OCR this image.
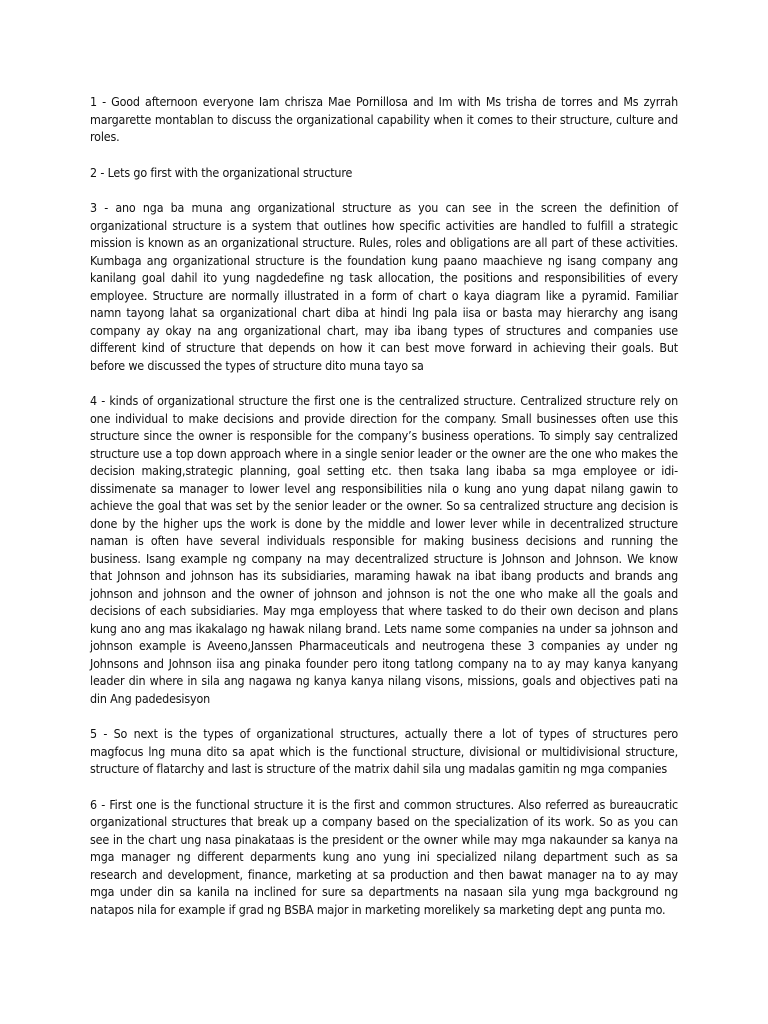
1 - Good afternoon everyone Iam chrisza Mae Pornillosa and Im with Ms trisha de torres and Ms zyrrah margarette montablan to discuss the organizational capability when it comes to their structure, culture and roles.

2 - Lets go first with the organizational structure

3 - ano nga ba muna ang organizational structure as you can see in the screen the definition of organizational structure is a system that outlines how specific activities are handled to fulfill a strategic mission is known as an organizational structure. Rules, roles and obligations are all part of these activities. Kumbaga ang organizational structure is the foundation kung paano maachieve ng isang company ang kanilang goal dahil ito yung nagdedefine ng task allocation, the positions and responsibilities of every employee. Structure are normally illustrated in a form of chart o kaya diagram like a pyramid. Familiar namn tayong lahat sa organizational chart diba at hindi lng pala iisa or basta may hierarchy ang isang company ay okay na ang organizational chart, may iba ibang types of structures and companies use different kind of structure that depends on how it can best move forward in achieving their goals. But before we discussed the types of structure dito muna tayo sa

4 - kinds of organizational structure the first one is the centralized structure. Centralized structure rely on one individual to make decisions and provide direction for the company. Small businesses often use this structure since the owner is responsible for the company’s business operations. To simply say centralized structure use a top down approach where in a single senior leader or the owner are the one who makes the decision making,strategic planning, goal setting etc. then tsaka lang ibaba sa mga employee or idi-dissimenate sa manager to lower level ang responsibilities nila o kung ano yung dapat nilang gawin to achieve the goal that was set by the senior leader or the owner. So sa centralized structure ang decision is done by the higher ups the work is done by the middle and lower lever while in decentralized structure naman is often have several individuals responsible for making business decisions and running the business. Isang example ng company na may decentralized structure is Johnson and Johnson. We know that Johnson and johnson has its subsidiaries, maraming hawak na ibat ibang products and brands ang johnson and johnson and the owner of johnson and johnson is not the one who make all the goals and decisions of each subsidiaries. May mga employess that where tasked to do their own decison and plans kung ano ang mas ikakalago ng hawak nilang brand. Lets name some companies na under sa johnson and johnson example is Aveeno,Janssen Pharmaceuticals and neutrogena these 3 companies ay under ng Johnsons and Johnson iisa ang pinaka founder pero itong tatlong company na to ay may kanya kanyang leader din where in sila ang nagawa ng kanya kanya nilang visons, missions, goals and objectives pati na din Ang padedesisyon

5 - So next is the types of organizational structures, actually there a lot of types of structures pero magfocus lng muna dito sa apat which is the functional structure, divisional or multidivisional structure, structure of flatarchy and last is structure of the matrix dahil sila ung madalas gamitin ng mga companies

6 - First one is the functional structure it is the first and common structures. Also referred as bureaucratic organizational structures that break up a company based on the specialization of its work. So as you can see in the chart ung nasa pinakataas is the president or the owner while may mga nakaunder sa kanya na mga manager ng different deparments kung ano yung ini specialized nilang department such as sa research and development, finance, marketing at sa production and then bawat manager na to ay may mga under din sa kanila na inclined for sure sa departments na nasaan sila yung mga background ng natapos nila for example if grad ng BSBA major in marketing morelikely sa marketing dept ang punta mo.
